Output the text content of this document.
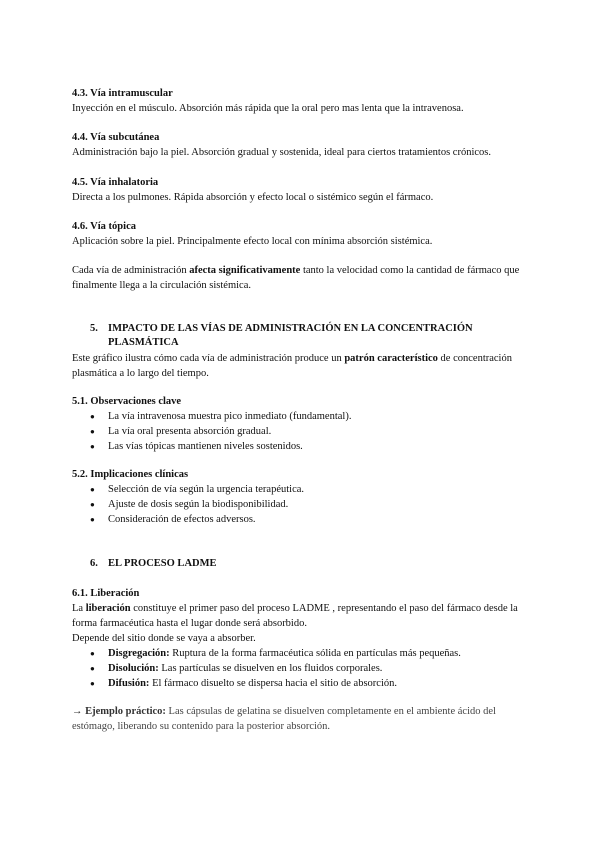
4.3. Vía intramuscular

Inyección en el músculo. Absorción más rápida que la oral pero mas lenta que la intravenosa.

4.4. Vía subcutánea

Administración bajo la piel. Absorción gradual y sostenida, ideal para ciertos tratamientos crónicos.

4.5. Vía inhalatoria

Directa a los pulmones. Rápida absorción y efecto local o sistémico según el fármaco.

4.6. Vía tópica

Aplicación sobre la piel. Principalmente efecto local con mínima absorción sistémica.

Cada vía de administración afecta significativamente tanto la velocidad como la cantidad de fármaco que finalmente llega a la circulación sistémica.

5. IMPACTO DE LAS VÍAS DE ADMINISTRACIÓN EN LA CONCENTRACIÓN PLASMÁTICA

Este gráfico ilustra cómo cada vía de administración produce un patrón característico de concentración plasmática a lo largo del tiempo.

5.1. Observaciones clave
● La vía intravenosa muestra pico inmediato (fundamental).
● La vía oral presenta absorción gradual.
● Las vías tópicas mantienen niveles sostenidos.
5.2. Implicaciones clínicas
● Selección de vía según la urgencia terapéutica.
● Ajuste de dosis según la biodisponibilidad.
● Consideración de efectos adversos.
6. EL PROCESO LADME
6.1. Liberación

La liberación constituye el primer paso del proceso LADME , representando el paso del fármaco desde la forma farmacéutica hasta el lugar donde será absorbido.

Depende del sitio donde se vaya a absorber.

● Disgregación: Ruptura de la forma farmacéutica sólida en partículas más pequeñas.
● Disolución: Las partículas se disuelven en los fluidos corporales.
● Difusión: El fármaco disuelto se dispersa hacia el sitio de absorción.

→ Ejemplo práctico: Las cápsulas de gelatina se disuelven completamente en el ambiente ácido del estómago, liberando su contenido para la posterior absorción.
